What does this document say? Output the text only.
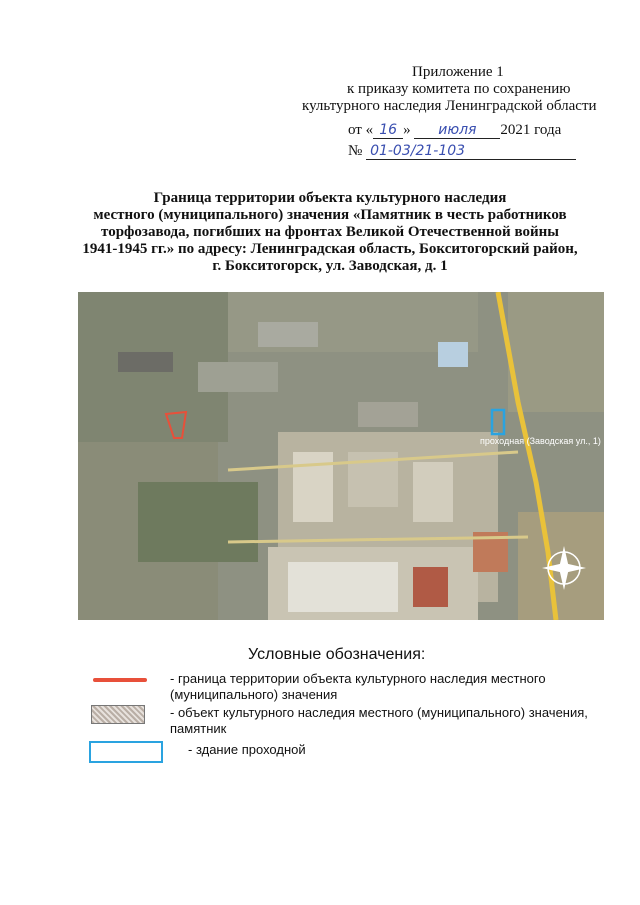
Приложение 1
к приказу комитета по сохранению
культурного наследия Ленинградской области
от « 16 » июля 2021 года
№ 01-03/21-103
Граница территории объекта культурного наследия
местного (муниципального) значения «Памятник в честь работников
торфозавода, погибших на фронтах Великой Отечественной войны
1941-1945 гг.» по адресу: Ленинградская область, Бокситогорский район,
г. Бокситогорск, ул. Заводская, д. 1
проходная (Заводская ул., 1)
Условные обозначения:
- граница территории объекта культурного наследия местного (муниципального) значения
- объект культурного наследия местного (муниципального) значения, памятник
- здание проходной
